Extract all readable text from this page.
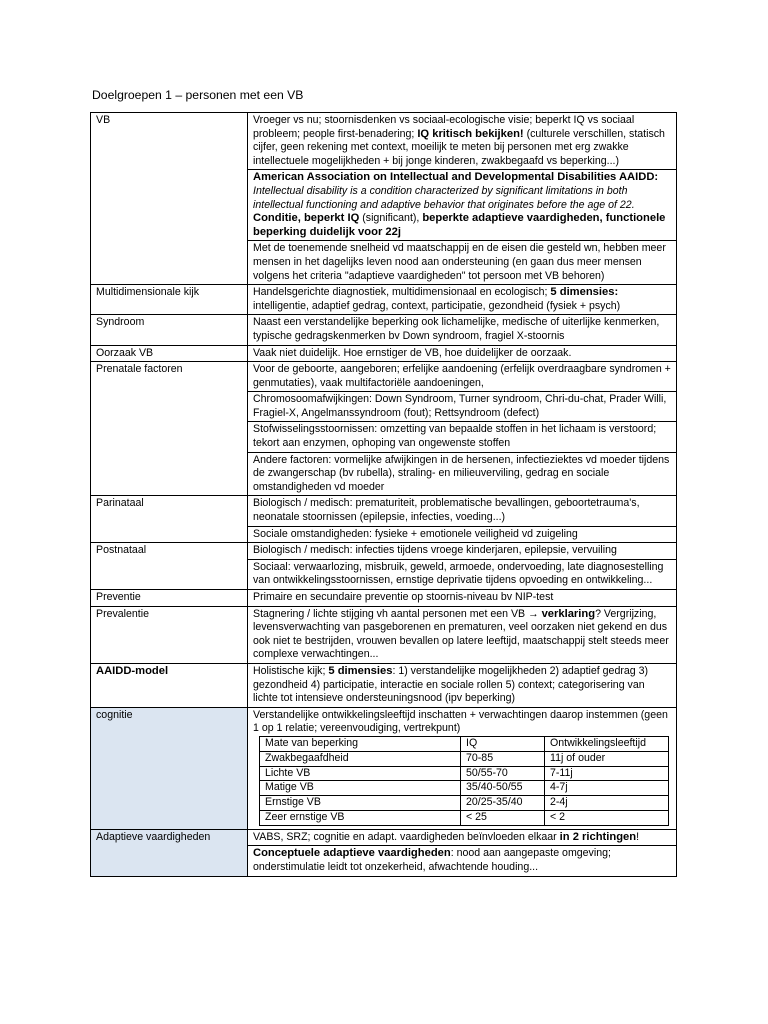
Doelgroepen 1 – personen met een VB
VB	Vroeger vs nu; stoornisdenken vs sociaal-ecologische visie; beperkt IQ vs sociaal probleem; people first-benadering; IQ kritisch bekijken! (culturele verschillen, statisch cijfer, geen rekening met context, moeilijk te meten bij personen met erg zwakke intellectuele mogelijkheden + bij jonge kinderen, zwakbegaafd vs beperking...)
American Association on Intellectual and Developmental Disabilities AAIDD: Intellectual disability is a condition characterized by significant limitations in both intellectual functioning and adaptive behavior that originates before the age of 22. Conditie, beperkt IQ (significant), beperkte adaptieve vaardigheden, functionele beperking duidelijk voor 22j
Met de toenemende snelheid vd maatschappij en de eisen die gesteld wn, hebben meer mensen in het dagelijks leven nood aan ondersteuning (en gaan dus meer mensen volgens het criteria "adaptieve vaardigheden" tot persoon met VB behoren)
Multidimensionale kijk	Handelsgerichte diagnostiek, multidimensionaal en ecologisch; 5 dimensies: intelligentie, adaptief gedrag, context, participatie, gezondheid (fysiek + psych)
Syndroom	Naast een verstandelijke beperking ook lichamelijke, medische of uiterlijke kenmerken, typische gedragskenmerken bv Down syndroom, fragiel X-stoornis
Oorzaak VB	Vaak niet duidelijk. Hoe ernstiger de VB, hoe duidelijker de oorzaak.
Prenatale factoren	Voor de geboorte, aangeboren; erfelijke aandoening (erfelijk overdraagbare syndromen + genmutaties), vaak multifactoriële aandoeningen,
Chromosoomafwijkingen: Down Syndroom, Turner syndroom, Chri-du-chat, Prader Willi, Fragiel-X, Angelmanssyndroom (fout); Rettsyndroom (defect)
Stofwisselingsstoornissen: omzetting van bepaalde stoffen in het lichaam is verstoord; tekort aan enzymen, ophoping van ongewenste stoffen
Andere factoren: vormelijke afwijkingen in de hersenen, infectieziektes vd moeder tijdens de zwangerschap (bv rubella), straling- en milieuverviling, gedrag en sociale omstandigheden vd moeder
Parinataal	Biologisch / medisch: prematuriteit, problematische bevallingen, geboortetrauma's, neonatale stoornissen (epilepsie, infecties, voeding...)
Sociale omstandigheden: fysieke + emotionele veiligheid vd zuigeling
Postnataal	Biologisch / medisch: infecties tijdens vroege kinderjaren, epilepsie, vervuiling
Sociaal: verwaarlozing, misbruik, geweld, armoede, ondervoeding, late diagnosestelling van ontwikkelingsstoornissen, ernstige deprivatie tijdens opvoeding en ontwikkeling...
Preventie	Primaire en secundaire preventie op stoornis-niveau bv NIP-test
Prevalentie	Stagnering / lichte stijging vh aantal personen met een VB → verklaring? Vergrijzing, levensverwachting van pasgeborenen en prematuren, veel oorzaken niet gekend en dus ook niet te bestrijden, vrouwen bevallen op latere leeftijd, maatschappij stelt steeds meer complexe verwachtingen...
AAIDD-model	Holistische kijk; 5 dimensies: 1) verstandelijke mogelijkheden 2) adaptief gedrag 3) gezondheid 4) participatie, interactie en sociale rollen 5) context; categorisering van lichte tot intensieve ondersteuningsnood (ipv beperking)
cognitie	Verstandelijke ontwikkelingsleeftijd inschatten + verwachtingen daarop instemmen (geen 1 op 1 relatie; vereenvoudiging, vertrekpunt)
Mate van beperking	IQ	Ontwikkelingsleeftijd
Zwakbegaafdheid	70-85	11j of ouder
Lichte VB	50/55-70	7-11j
Matige VB	35/40-50/55	4-7j
Ernstige VB	20/25-35/40	2-4j
Zeer ernstige VB	< 25	< 2

Adaptieve vaardigheden	VABS, SRZ; cognitie en adapt. vaardigheden beïnvloeden elkaar in 2 richtingen!
Conceptuele adaptieve vaardigheden: nood aan aangepaste omgeving; onderstimulatie leidt tot onzekerheid, afwachtende houding...
